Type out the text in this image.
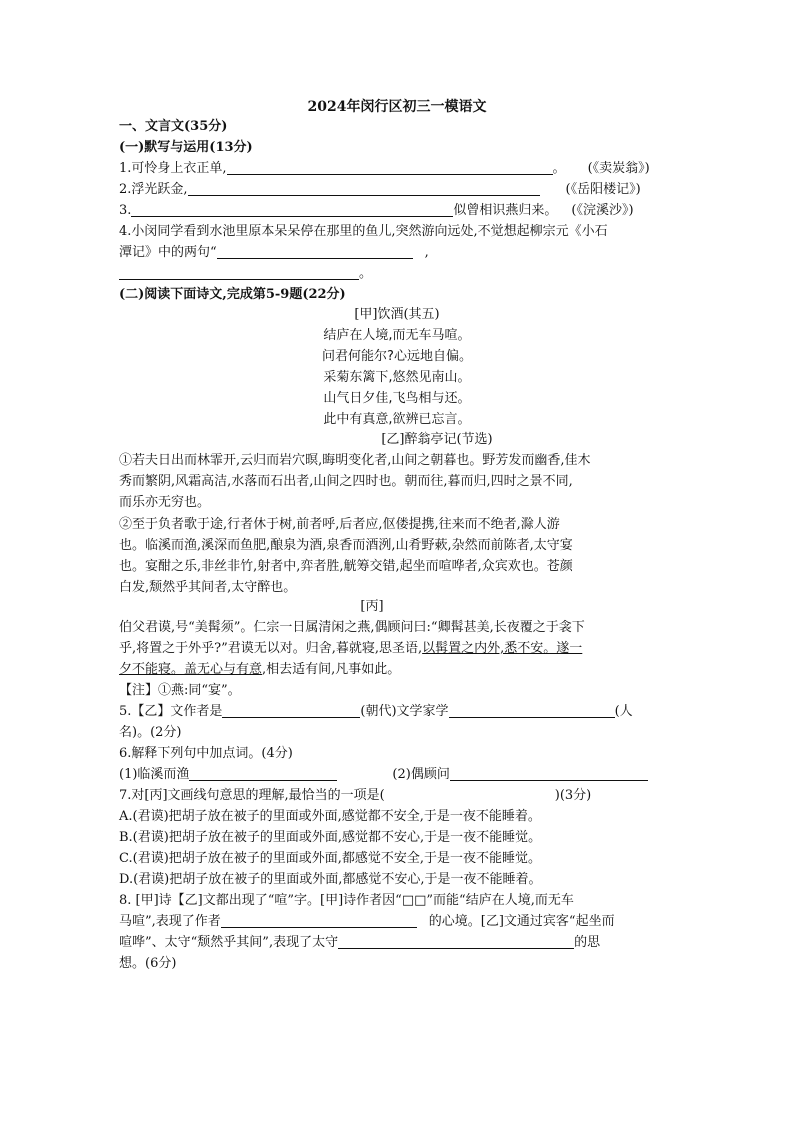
2024年闵行区初三一模语文
一、文言文(35分)
(一)默写与运用(13分)
1.可怜身上衣正单,	。 (《卖炭翁》)
2.浮光跃金,	(《岳阳楼记》)
3.	似曾相识燕归来。 (《浣溪沙》)
4.小闵同学看到水池里原本呆呆停在那里的鱼儿,突然游向远处,不觉想起柳宗元《小石
潭记》中的两句“	,
。
(二)阅读下面诗文,完成第5-9题(22分)
[甲]饮酒(其五)
结庐在人境,而无车马喧。
问君何能尔?心远地自偏。
采菊东篱下,悠然见南山。
山气日夕佳,飞鸟相与还。
此中有真意,欲辨已忘言。
[乙]醉翁亭记(节选)
①若夫日出而林霏开,云归而岩穴暝,晦明变化者,山间之朝暮也。野芳发而幽香,佳木
秀而繁阴,风霜高洁,水落而石出者,山间之四时也。朝而往,暮而归,四时之景不同,
而乐亦无穷也。
②至于负者歌于途,行者休于树,前者呼,后者应,伛偻提携,往来而不绝者,滁人游
也。临溪而渔,溪深而鱼肥,酿泉为酒,泉香而酒洌,山肴野蔌,杂然而前陈者,太守宴
也。宴酣之乐,非丝非竹,射者中,弈者胜,觥筹交错,起坐而喧哗者,众宾欢也。苍颜
白发,颓然乎其间者,太守醉也。
[丙]
伯父君谟,号“美髯须”。仁宗一日属清闲之燕,偶顾问曰:“卿髯甚美,长夜覆之于衾下
乎,将置之于外乎?”君谟无以对。归舍,暮就寝,思圣语,以髯置之内外,悉不安。遂一
夕不能寝。盖无心与有意,相去适有间,凡事如此。
【注】①燕:同“宴”。
5.【乙】文作者是	(朝代)文学家学	(人
名)。(2分)
6.解释下列句中加点词。(4分)
(1)临溪而渔	(2)偶顾问
7.对[丙]文画线句意思的理解,最恰当的一项是(	)(3分)
A.(君谟)把胡子放在被子的里面或外面,感觉都不安全,于是一夜不能睡着。
B.(君谟)把胡子放在被子的里面或外面,感觉都不安心,于是一夜不能睡觉。
C.(君谟)把胡子放在被子的里面或外面,都感觉不安全,于是一夜不能睡觉。
D.(君谟)把胡子放在被子的里面或外面,都感觉不安心,于是一夜不能睡着。
8. [甲]诗【乙]文都出现了“喧”字。[甲]诗作者因“□□”而能“结庐在人境,而无车
马喧”,表现了作者	的心境。[乙]文通过宾客“起坐而
喧哗”、太守“颓然乎其间”,表现了太守	的思
想。(6分)
